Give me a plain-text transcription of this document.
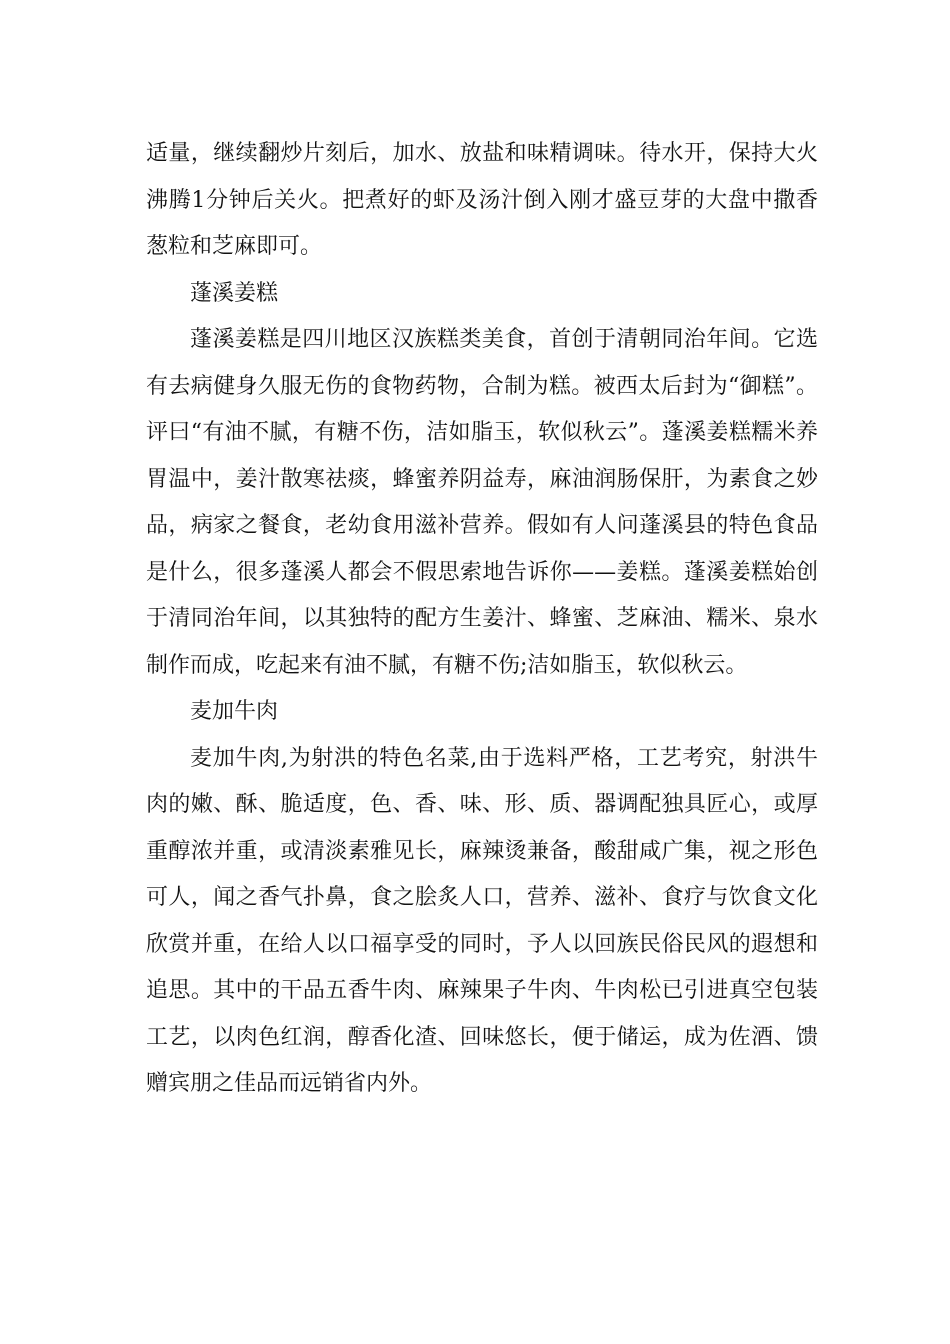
适量，继续翻炒片刻后，加水、放盐和味精调味。待水开，保持大火沸腾1分钟后关火。把煮好的虾及汤汁倒入刚才盛豆芽的大盘中撒香葱粒和芝麻即可。

蓬溪姜糕

蓬溪姜糕是四川地区汉族糕类美食，首创于清朝同治年间。它选有去病健身久服无伤的食物药物，合制为糕。被西太后封为“御糕”。评曰“有油不腻，有糖不伤，洁如脂玉，软似秋云”。蓬溪姜糕糯米养胃温中，姜汁散寒祛痰，蜂蜜养阴益寿，麻油润肠保肝，为素食之妙品，病家之餐食，老幼食用滋补营养。假如有人问蓬溪县的特色食品是什么，很多蓬溪人都会不假思索地告诉你——姜糕。蓬溪姜糕始创于清同治年间，以其独特的配方生姜汁、蜂蜜、芝麻油、糯米、泉水制作而成，吃起来有油不腻，有糖不伤;洁如脂玉，软似秋云。

麦加牛肉

麦加牛肉,为射洪的特色名菜,由于选料严格，工艺考究，射洪牛肉的嫩、酥、脆适度，色、香、味、形、质、器调配独具匠心，或厚重醇浓并重，或清淡素雅见长，麻辣烫兼备，酸甜咸广集，视之形色可人，闻之香气扑鼻，食之脍炙人口，营养、滋补、食疗与饮食文化欣赏并重，在给人以口福享受的同时，予人以回族民俗民风的遐想和追思。其中的干品五香牛肉、麻辣果子牛肉、牛肉松已引进真空包装工艺，以肉色红润，醇香化渣、回味悠长，便于储运，成为佐酒、馈赠宾朋之佳品而远销省内外。
